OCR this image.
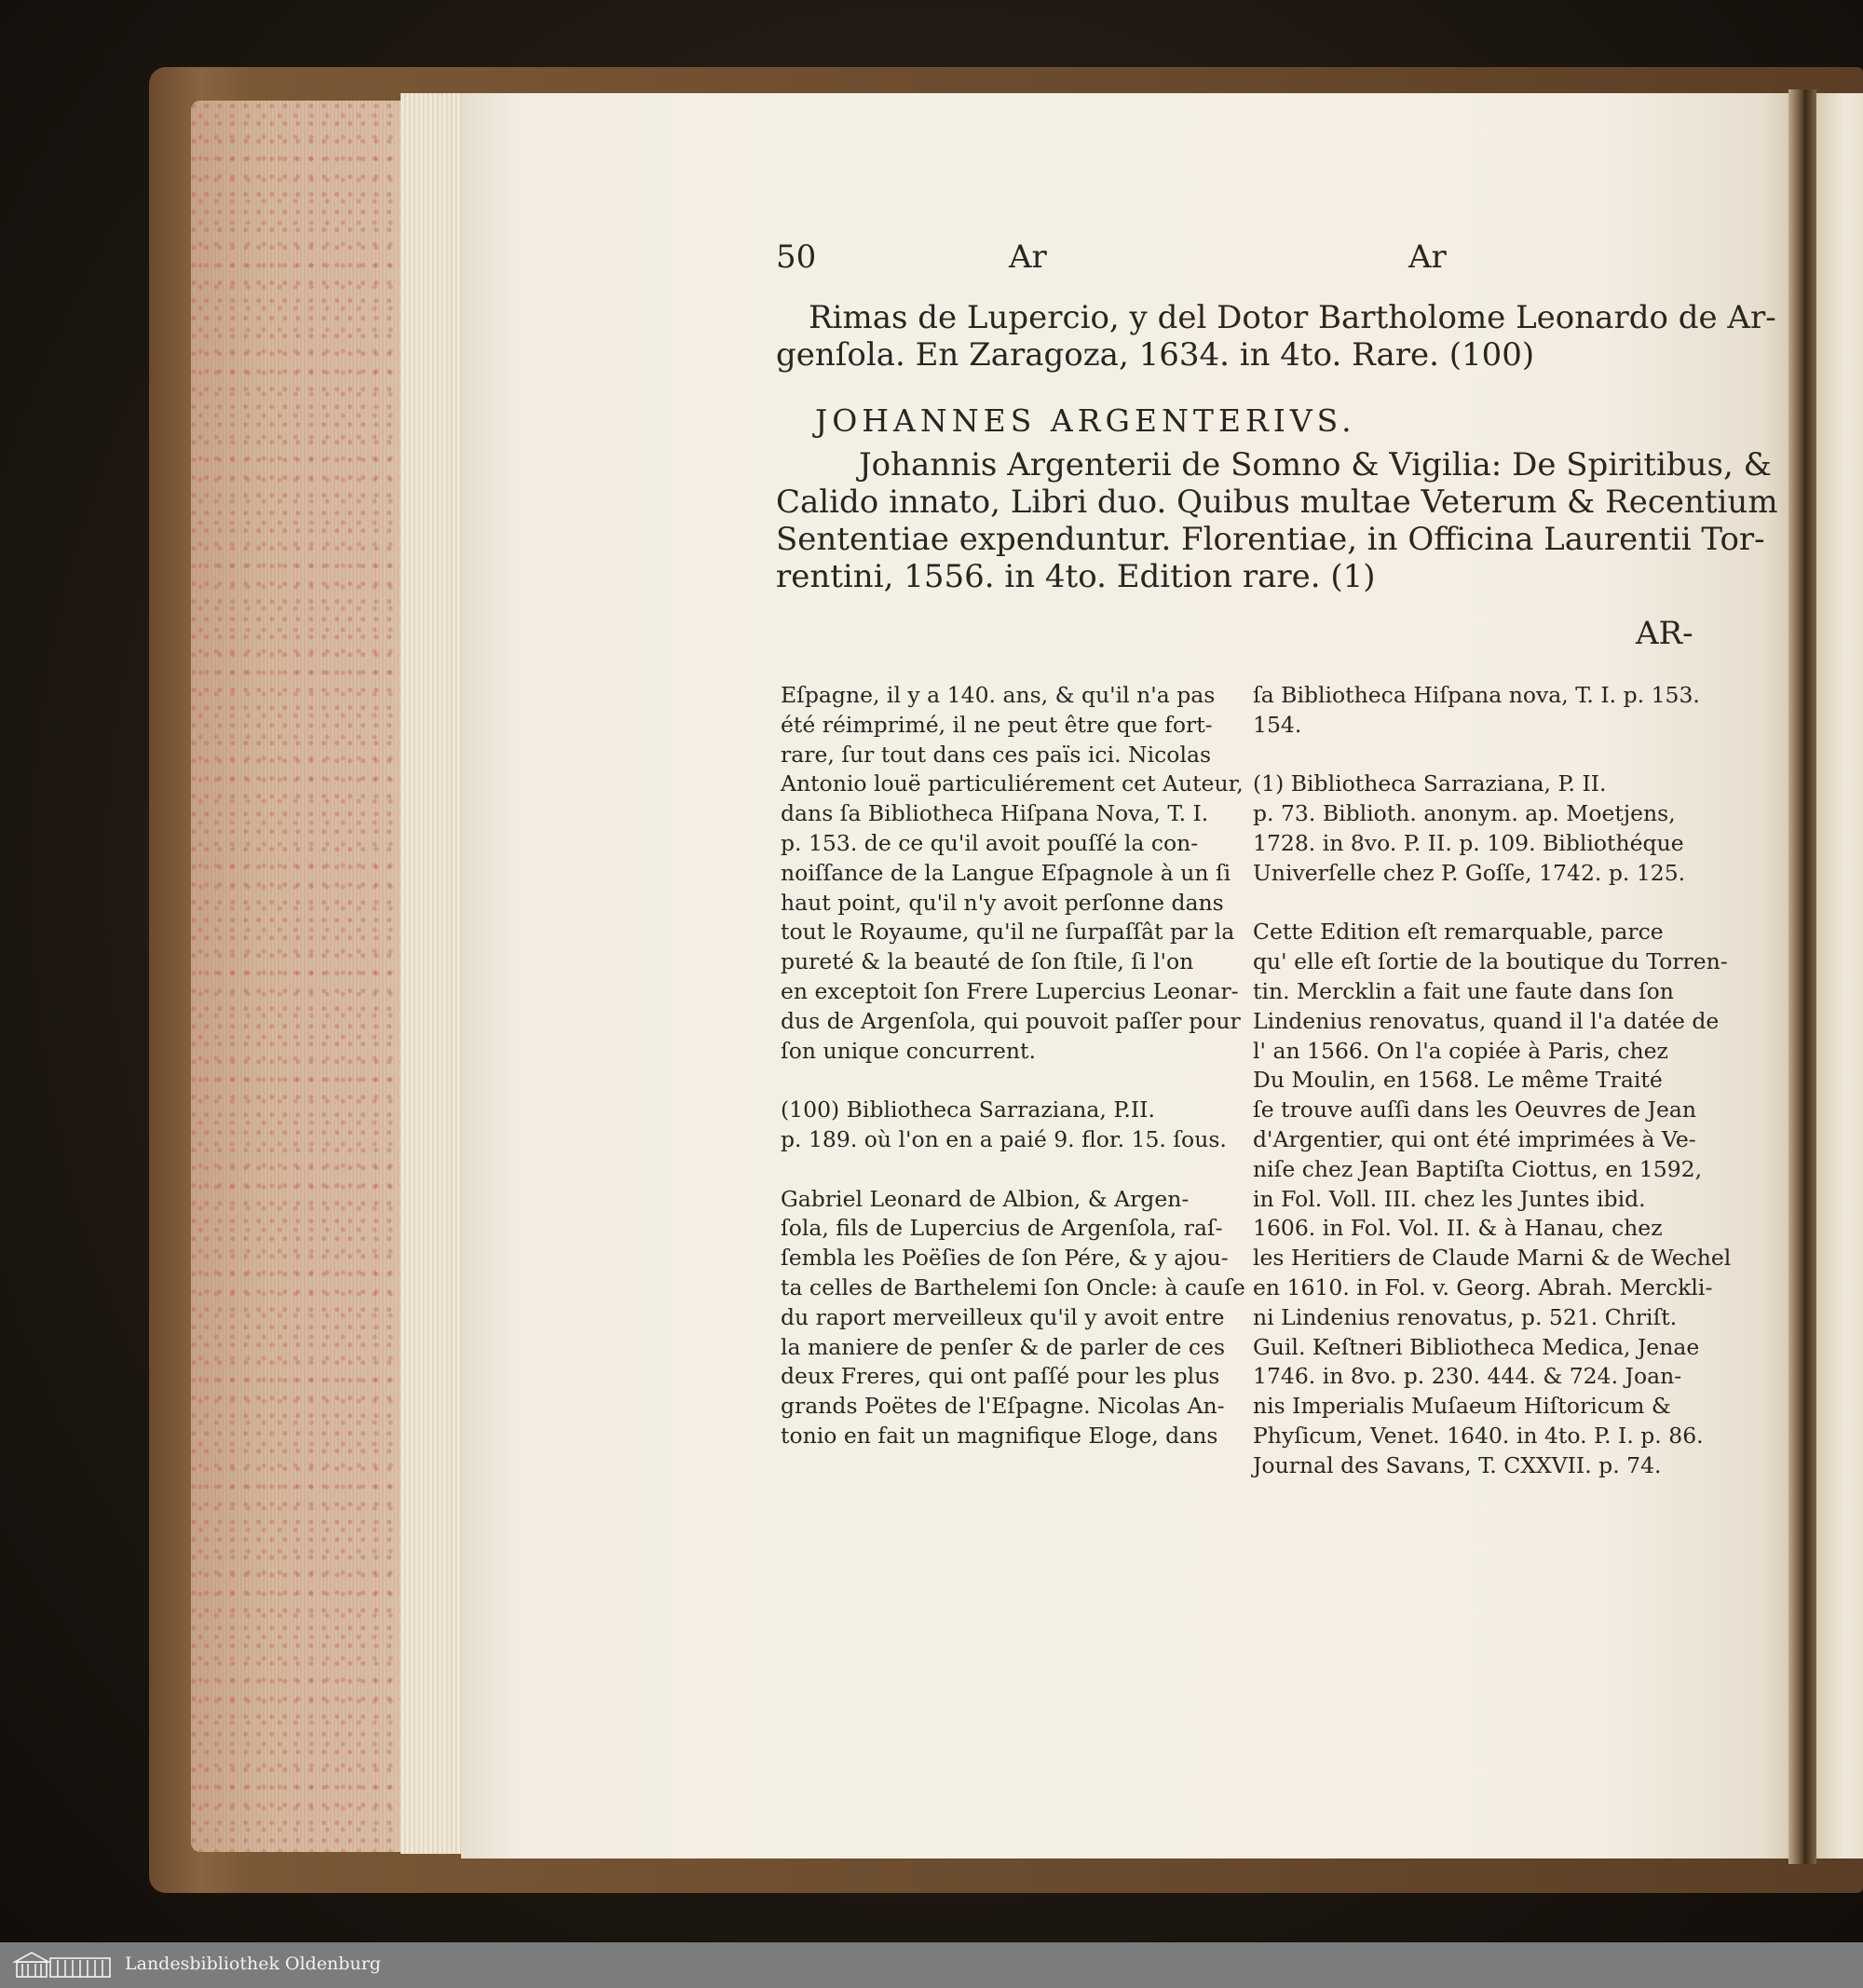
50	Ar	Ar
Rimas de Lupercio, y del Dotor Bartholome Leonardo de Ar-
genſola. En Zaragoza, 1634. in 4to. Rare. (100)
JOHANNES ARGENTERIVS.
Johannis Argenterii de Somno & Vigilia: De Spiritibus, &
Calido innato, Libri duo. Quibus multae Veterum & Recentium
Sententiae expenduntur. Florentiae, in Officina Laurentii Tor-
rentini, 1556. in 4to. Edition rare. (1)
AR-
Eſpagne, il y a 140. ans, & qu'il n'a pas
été réimprimé, il ne peut être que fort-
rare, ſur tout dans ces païs ici. Nicolas
Antonio louë particuliérement cet Auteur,
dans ſa Bibliotheca Hiſpana Nova, T. I.
p. 153. de ce qu'il avoit pouſſé la con-
noiſſance de la Langue Eſpagnole à un ſi
haut point, qu'il n'y avoit perſonne dans
tout le Royaume, qu'il ne ſurpaſſât par la
pureté & la beauté de ſon ſtile, ſi l'on
en exceptoit ſon Frere Lupercius Leonar-
dus de Argenſola, qui pouvoit paſſer pour
ſon unique concurrent.
(100) Bibliotheca Sarraziana, P.II.
p. 189. où l'on en a paié 9. flor. 15. ſous.
Gabriel Leonard de Albion, & Argen-
ſola, fils de Lupercius de Argenſola, raſ-
ſembla les Poëſies de ſon Pére, & y ajou-
ta celles de Barthelemi ſon Oncle: à cauſe
du raport merveilleux qu'il y avoit entre
la maniere de penſer & de parler de ces
deux Freres, qui ont paſſé pour les plus
grands Poëtes de l'Eſpagne. Nicolas An-
tonio en fait un magnifique Eloge, dans
ſa Bibliotheca Hiſpana nova, T. I. p. 153.
154.
(1) Bibliotheca Sarraziana, P. II.
p. 73. Biblioth. anonym. ap. Moetjens,
1728. in 8vo. P. II. p. 109. Bibliothéque
Univerſelle chez P. Goſſe, 1742. p. 125.
Cette Edition eſt remarquable, parce
qu' elle eſt ſortie de la boutique du Torren-
tin. Mercklin a fait une faute dans ſon
Lindenius renovatus, quand il l'a datée de
l' an 1566. On l'a copiée à Paris, chez
Du Moulin, en 1568. Le même Traité
ſe trouve auſſi dans les Oeuvres de Jean
d'Argentier, qui ont été imprimées à Ve-
niſe chez Jean Baptiſta Ciottus, en 1592,
in Fol. Voll. III. chez les Juntes ibid.
1606. in Fol. Vol. II. & à Hanau, chez
les Heritiers de Claude Marni & de Wechel
en 1610. in Fol. v. Georg. Abrah. Merckli-
ni Lindenius renovatus, p. 521. Chriſt.
Guil. Keſtneri Bibliotheca Medica, Jenae
1746. in 8vo. p. 230. 444. & 724. Joan-
nis Imperialis Muſaeum Hiſtoricum &
Phyſicum, Venet. 1640. in 4to. P. I. p. 86.
Journal des Savans, T. CXXVII. p. 74.
Landesbibliothek Oldenburg
